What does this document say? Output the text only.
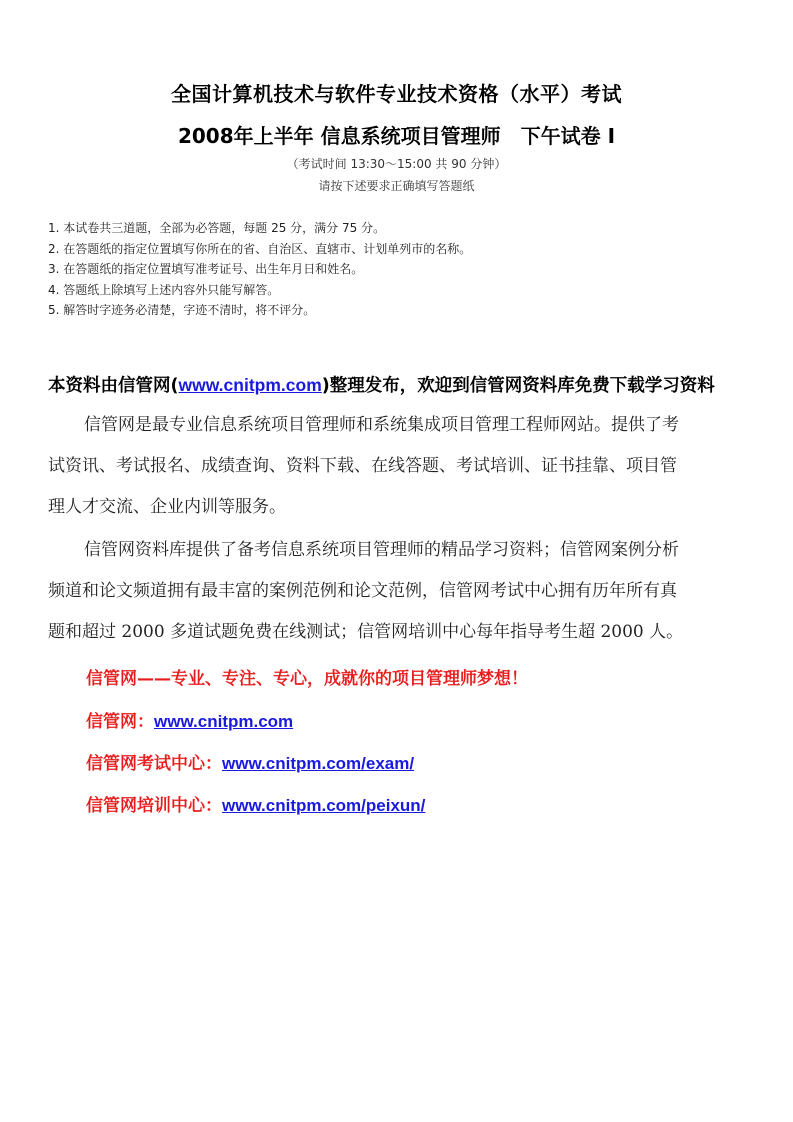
全国计算机技术与软件专业技术资格（水平）考试
2008年上半年 信息系统项目管理师 下午试卷 I
（考试时间 13:30～15:00 共 90 分钟）
请按下述要求正确填写答题纸
1. 本试卷共三道题，全部为必答题，每题 25 分，满分 75 分。
2. 在答题纸的指定位置填写你所在的省、自治区、直辖市、计划单列市的名称。
3. 在答题纸的指定位置填写准考证号、出生年月日和姓名。
4. 答题纸上除填写上述内容外只能写解答。
5. 解答时字迹务必清楚，字迹不清时，将不评分。
本资料由信管网(www.cnitpm.com)整理发布，欢迎到信管网资料库免费下载学习资料
信管网是最专业信息系统项目管理师和系统集成项目管理工程师网站。提供了考
试资讯、考试报名、成绩查询、资料下载、在线答题、考试培训、证书挂靠、项目管
理人才交流、企业内训等服务。
信管网资料库提供了备考信息系统项目管理师的精品学习资料；信管网案例分析
频道和论文频道拥有最丰富的案例范例和论文范例，信管网考试中心拥有历年所有真
题和超过 2000 多道试题免费在线测试；信管网培训中心每年指导考生超 2000 人。
信管网——专业、专注、专心，成就你的项目管理师梦想！
信管网：www.cnitpm.com
信管网考试中心：www.cnitpm.com/exam/
信管网培训中心：www.cnitpm.com/peixun/
